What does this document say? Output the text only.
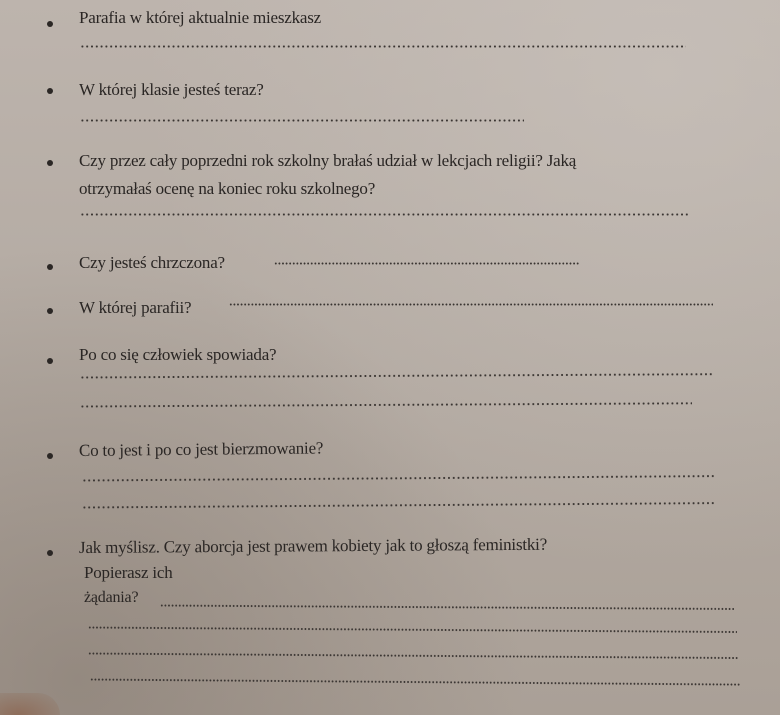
Parafia w której aktualnie mieszkasz
W której klasie jesteś teraz?
Czy przez cały poprzedni rok szkolny brałaś udział w lekcjach religii? Jaką
otrzymałaś ocenę na koniec roku szkolnego?
Czy jesteś chrzczona?
W której parafii?
Po co się człowiek spowiada?
Co to jest i po co jest bierzmowanie?
Jak myślisz. Czy aborcja jest prawem kobiety jak to głoszą feministki?
Popierasz ich
żądania?
